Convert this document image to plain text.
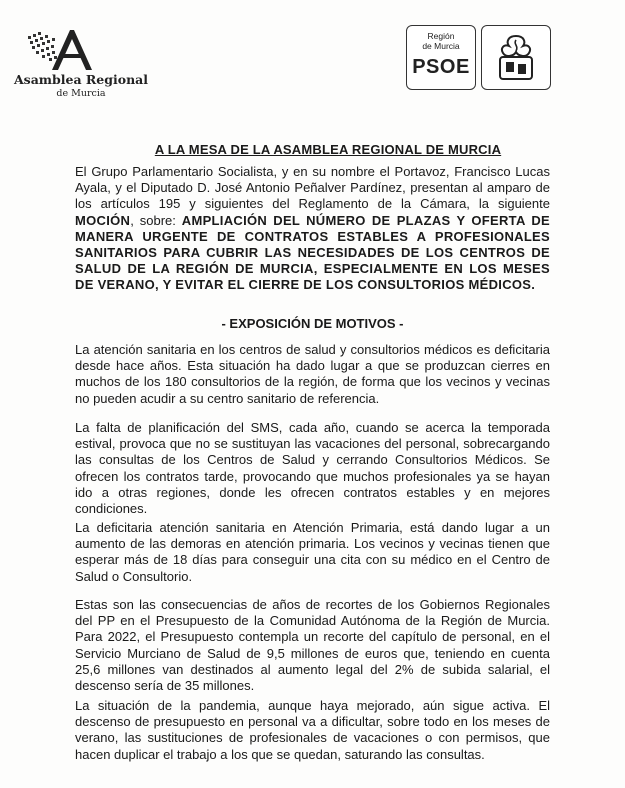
Asamblea Regional
de Murcia
Región
de Murcia
PSOE
A LA MESA DE LA ASAMBLEA REGIONAL DE MURCIA

El Grupo Parlamentario Socialista, y en su nombre el Portavoz, Francisco Lucas Ayala, y el Diputado D. José Antonio Peñalver Pardínez, presentan al amparo de los artículos 195 y siguientes del Reglamento de la Cámara, la siguiente MOCIÓN, sobre: AMPLIACIÓN DEL NÚMERO DE PLAZAS Y OFERTA DE MANERA URGENTE DE CONTRATOS ESTABLES A PROFESIONALES SANITARIOS PARA CUBRIR LAS NECESIDADES DE LOS CENTROS DE SALUD DE LA REGIÓN DE MURCIA, ESPECIALMENTE EN LOS MESES DE VERANO, Y EVITAR EL CIERRE DE LOS CONSULTORIOS MÉDICOS.

- EXPOSICIÓN DE MOTIVOS -

La atención sanitaria en los centros de salud y consultorios médicos es deficitaria desde hace años. Esta situación ha dado lugar a que se produzcan cierres en muchos de los 180 consultorios de la región, de forma que los vecinos y vecinas no pueden acudir a su centro sanitario de referencia.

La falta de planificación del SMS, cada año, cuando se acerca la temporada estival, provoca que no se sustituyan las vacaciones del personal, sobrecargando las consultas de los Centros de Salud y cerrando Consultorios Médicos. Se ofrecen los contratos tarde, provocando que muchos profesionales ya se hayan ido a otras regiones, donde les ofrecen contratos estables y en mejores condiciones.

La deficitaria atención sanitaria en Atención Primaria, está dando lugar a un aumento de las demoras en atención primaria. Los vecinos y vecinas tienen que esperar más de 18 días para conseguir una cita con su médico en el Centro de Salud o Consultorio.

Estas son las consecuencias de años de recortes de los Gobiernos Regionales del PP en el Presupuesto de la Comunidad Autónoma de la Región de Murcia. Para 2022, el Presupuesto contempla un recorte del capítulo de personal, en el Servicio Murciano de Salud de 9,5 millones de euros que, teniendo en cuenta 25,6 millones van destinados al aumento legal del 2% de subida salarial, el descenso sería de 35 millones.

La situación de la pandemia, aunque haya mejorado, aún sigue activa. El descenso de presupuesto en personal va a dificultar, sobre todo en los meses de verano, las sustituciones de profesionales de vacaciones o con permisos, que hacen duplicar el trabajo a los que se quedan, saturando las consultas.
